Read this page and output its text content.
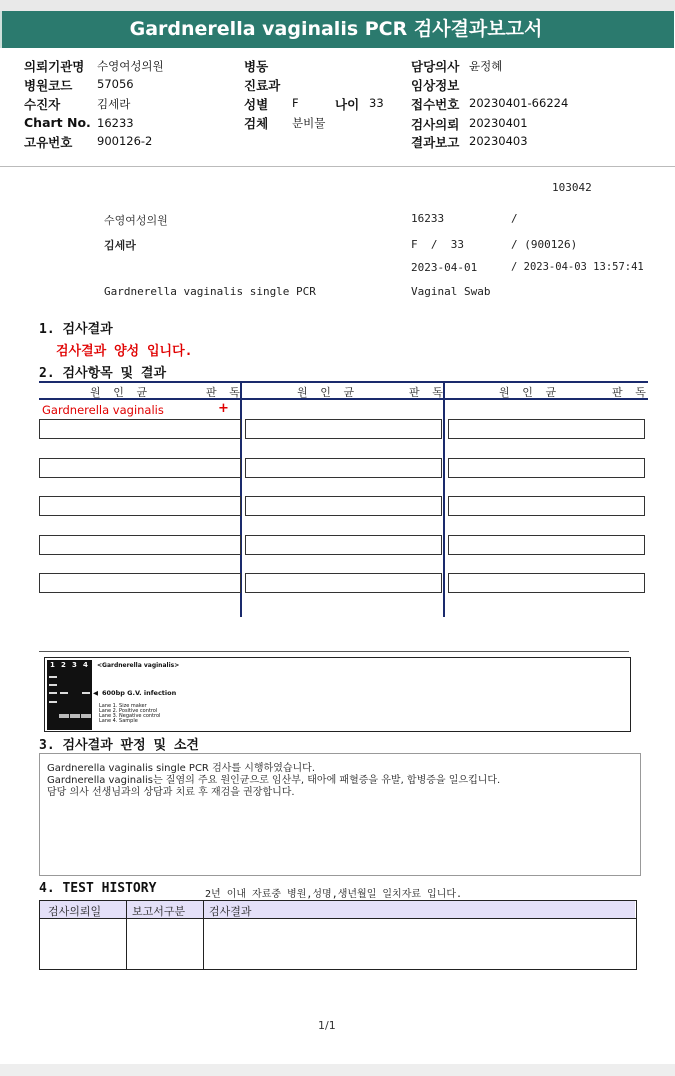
Gardnerella vaginalis PCR 검사결과보고서
의뢰기관명 수영여성의원
병원코드 57056
수진자	김세라
Chart No. 16233
고유번호 900126-2
병동
진료과
성별 F	나이 33
검체 분비물
담당의사 윤정혜
임상정보
접수번호 20230401-66224
검사의뢰 20230401
결과보고 20230403
103042
수영여성의원	16233	/
김세라	F  /  33	/ (900126)
2023-04-01	/ 2023-04-03 13:57:41
Gardnerella vaginalis single PCR	Vaginal Swab
1. 검사결과
검사결과 양성 입니다.
2. 검사항목 및 결과
원 인 균	판 독	원 인 균	판 독	원 인 균	판 독
Gardnerella vaginalis	+
1 2 3 4 <Gardnerella vaginalis>
◀ 600bp G.V. infection
Lane 1. Size maker
Lane 2. Positive control
Lane 3. Negative control
Lane 4. Sample
3. 검사결과 판정 및 소견
Gardnerella vaginalis single PCR 검사를 시행하였습니다.
Gardnerella vaginalis는 질염의 주요 원인균으로 임산부, 태아에 패혈증을 유발, 합병증을 일으킵니다.
담당 의사 선생님과의 상담과 치료 후 재검을 권장합니다.
4. TEST HISTORY	2년 이내 자료중 병원,성명,생년월일 일치자료 입니다.
검사의뢰일	보고서구분 검사결과
1/1
